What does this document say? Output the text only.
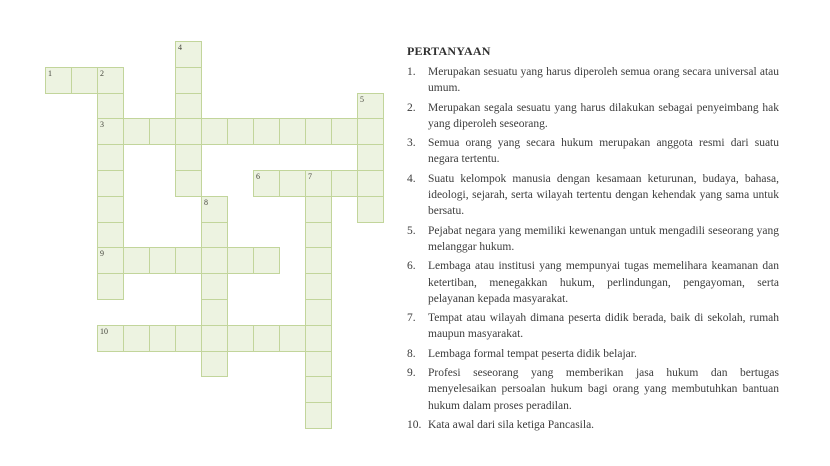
1	2
3
4
5
6	7
8
9
10
PERTANYAAN
1.	Merupakan sesuatu yang harus diperoleh semua orang secara universal atau umum.
2.	Merupakan segala sesuatu yang harus dilakukan sebagai penyeimbang hak yang diperoleh seseorang.
3.	Semua orang yang secara hukum merupakan anggota resmi dari suatu negara tertentu.
4.	Suatu kelompok manusia dengan kesamaan keturunan, budaya, bahasa, ideologi, sejarah, serta wilayah tertentu dengan kehendak yang sama untuk bersatu.
5.	Pejabat negara yang memiliki kewenangan untuk mengadili seseorang yang melanggar hukum.
6.	Lembaga atau institusi yang mempunyai tugas memelihara keamanan dan ketertiban, menegakkan hukum, perlindungan, pengayoman, serta pelayanan kepada masyarakat.
7.	Tempat atau wilayah dimana peserta didik berada, baik di sekolah, rumah maupun masyarakat.
8.	Lembaga formal tempat peserta didik belajar.
9.	Profesi seseorang yang memberikan jasa hukum dan bertugas menyelesaikan persoalan hukum bagi orang yang membutuhkan bantuan hukum dalam proses peradilan.
10. Kata awal dari sila ketiga Pancasila.
